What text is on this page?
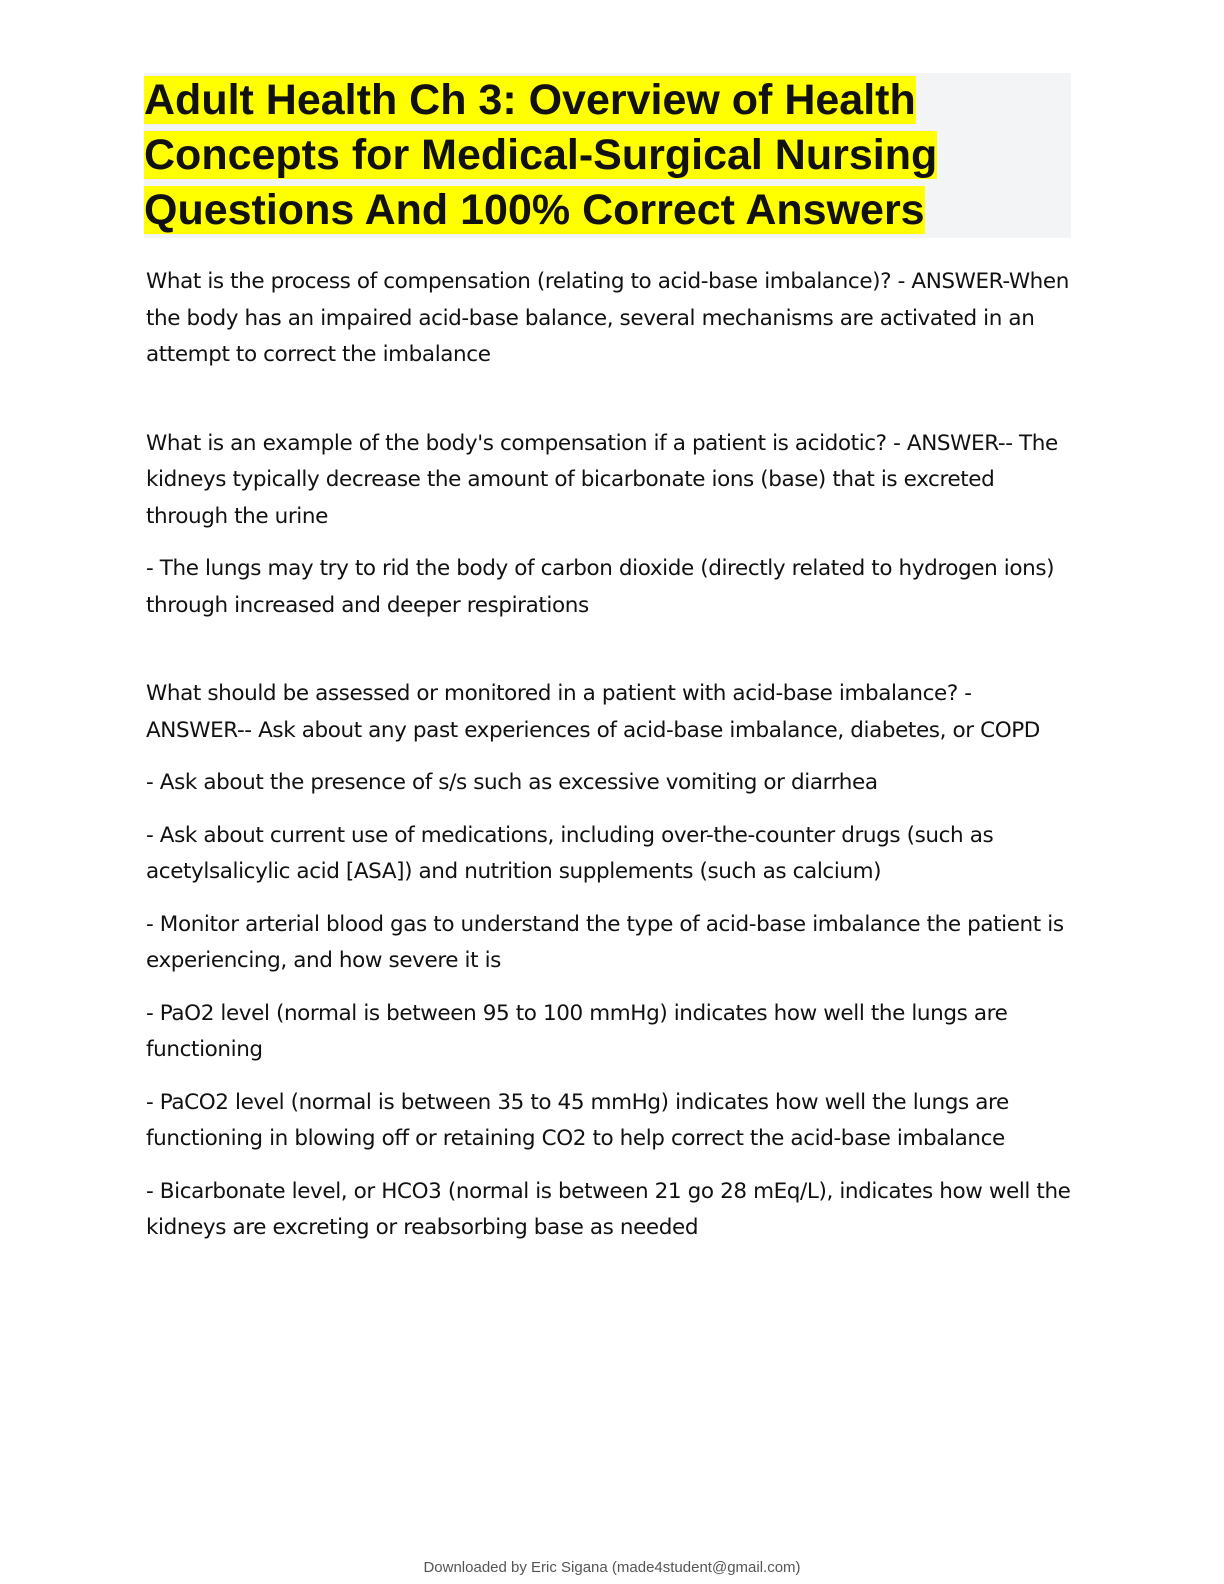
Adult Health Ch 3: Overview of Health Concepts for Medical-Surgical Nursing Questions And 100% Correct Answers

What is the process of compensation (relating to acid-base imbalance)? - ANSWER-When the body has an impaired acid-base balance, several mechanisms are activated in an attempt to correct the imbalance

What is an example of the body's compensation if a patient is acidotic? - ANSWER-- The kidneys typically decrease the amount of bicarbonate ions (base) that is excreted through the urine

- The lungs may try to rid the body of carbon dioxide (directly related to hydrogen ions) through increased and deeper respirations

What should be assessed or monitored in a patient with acid-base imbalance? - ANSWER-- Ask about any past experiences of acid-base imbalance, diabetes, or COPD

- Ask about the presence of s/s such as excessive vomiting or diarrhea

- Ask about current use of medications, including over-the-counter drugs (such as acetylsalicylic acid [ASA]) and nutrition supplements (such as calcium)

- Monitor arterial blood gas to understand the type of acid-base imbalance the patient is experiencing, and how severe it is

- PaO2 level (normal is between 95 to 100 mmHg) indicates how well the lungs are functioning

- PaCO2 level (normal is between 35 to 45 mmHg) indicates how well the lungs are functioning in blowing off or retaining CO2 to help correct the acid-base imbalance

- Bicarbonate level, or HCO3 (normal is between 21 go 28 mEq/L), indicates how well the kidneys are excreting or reabsorbing base as needed

Downloaded by Eric Sigana (made4student@gmail.com)
